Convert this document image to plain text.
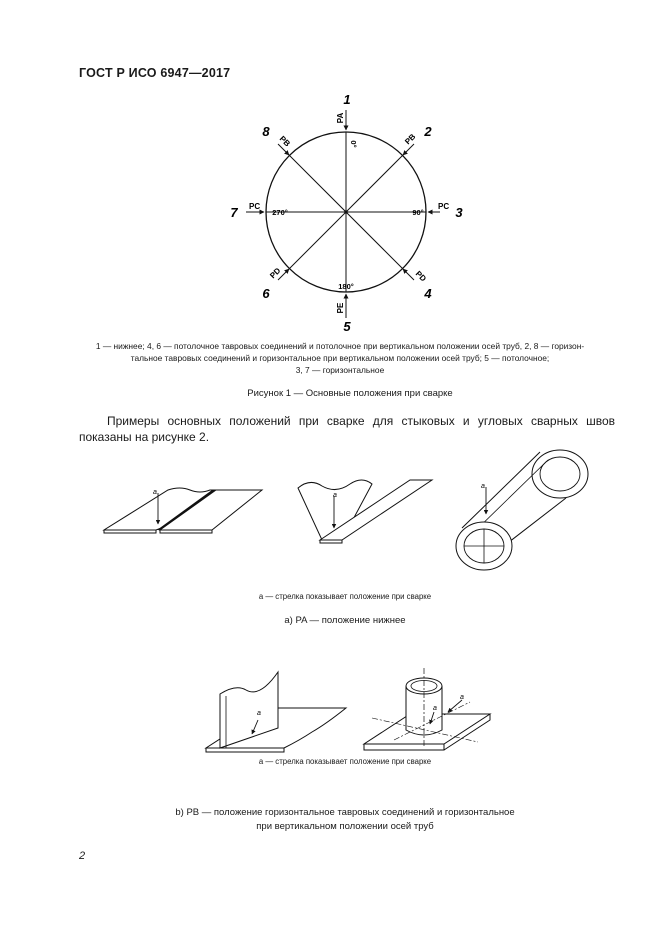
ГОСТ Р ИСО 6947—2017
1
2
3
4
5
6
7
8
PA
PE
PC	PC
PB	PB
PD	PD
0°
90°
180°
270°
1 — нижнее; 4, 6 — потолочное тавровых соединений и потолочное при вертикальном положении осей труб, 2, 8 — горизон-
тальное тавровых соединений и горизонтальное при вертикальном положении осей труб; 5 — потолочное;
3, 7 — горизонтальное
Рисунок 1 — Основные положения при сварке
Примеры основных положений при сварке для стыковых и угловых сварных швов показаны на рисунке 2.
a	a
a
a — стрелка показывает положение при сварке
a) PA — положение нижнее
a
a
a
a — стрелка показывает положение при сварке
b) PB — положение горизонтальное тавровых соединений и горизонтальное
при вертикальном положении осей труб
2
